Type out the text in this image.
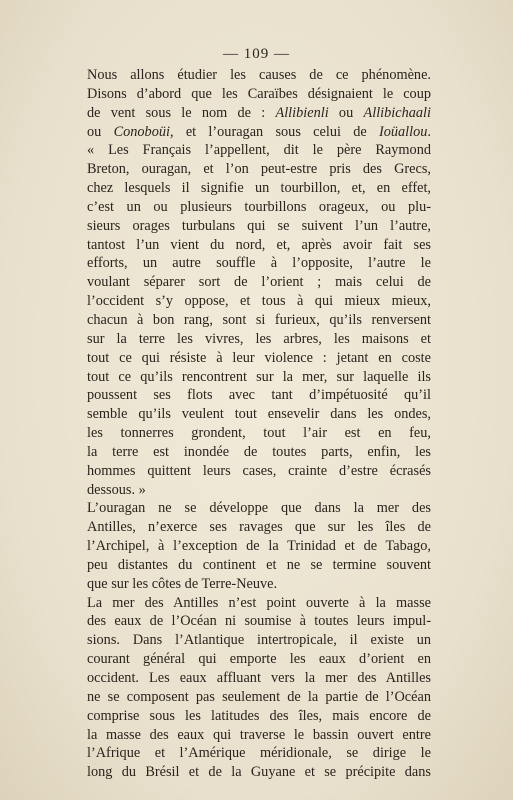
— 109 —
Nous allons étudier les causes de ce phénomène.
Disons d’abord que les Caraïbes désignaient le coup
de vent sous le nom de : Allibienli ou Allibichaali
ou Conoboüi, et l’ouragan sous celui de Ioüallou.
« Les Français l’appellent, dit le père Raymond
Breton, ouragan, et l’on peut-estre pris des Grecs,
chez lesquels il signifie un tourbillon, et, en effet,
c’est un ou plusieurs tourbillons orageux, ou plu-
sieurs orages turbulans qui se suivent l’un l’autre,
tantost l’un vient du nord, et, après avoir fait ses
efforts, un autre souffle à l’opposite, l’autre le
voulant séparer sort de l’orient ; mais celui de
l’occident s’y oppose, et tous à qui mieux mieux,
chacun à bon rang, sont si furieux, qu’ils renversent
sur la terre les vivres, les arbres, les maisons et
tout ce qui résiste à leur violence : jetant en coste
tout ce qu’ils rencontrent sur la mer, sur laquelle ils
poussent ses flots avec tant d’impétuosité qu’il
semble qu’ils veulent tout ensevelir dans les ondes,
les tonnerres grondent, tout l’air est en feu,
la terre est inondée de toutes parts, enfin, les
hommes quittent leurs cases, crainte d’estre écrasés
dessous. »
L’ouragan ne se développe que dans la mer des
Antilles, n’exerce ses ravages que sur les îles de
l’Archipel, à l’exception de la Trinidad et de Tabago,
peu distantes du continent et ne se termine souvent
que sur les côtes de Terre-Neuve.
La mer des Antilles n’est point ouverte à la masse
des eaux de l’Océan ni soumise à toutes leurs impul-
sions. Dans l’Atlantique intertropicale, il existe un
courant général qui emporte les eaux d’orient en
occident. Les eaux affluant vers la mer des Antilles
ne se composent pas seulement de la partie de l’Océan
comprise sous les latitudes des îles, mais encore de
la masse des eaux qui traverse le bassin ouvert entre
l’Afrique et l’Amérique méridionale, se dirige le
long du Brésil et de la Guyane et se précipite dans
